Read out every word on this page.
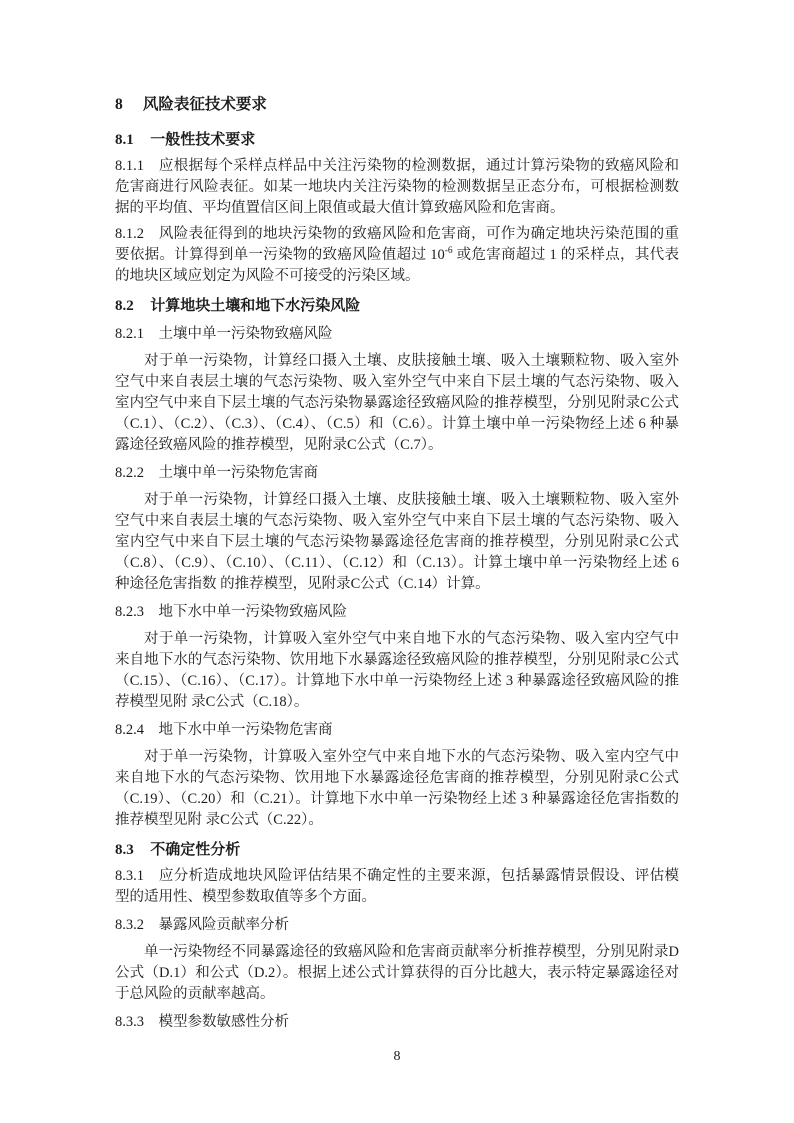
8 风险表征技术要求
8.1 一般性技术要求

8.1.1 应根据每个采样点样品中关注污染物的检测数据，通过计算污染物的致癌风险和危害商进行风险表征。如某一地块内关注污染物的检测数据呈正态分布，可根据检测数据的平均值、平均值置信区间上限值或最大值计算致癌风险和危害商。

8.1.2 风险表征得到的地块污染物的致癌风险和危害商，可作为确定地块污染范围的重要依据。计算得到单一污染物的致癌风险值超过 $10^{-6}$ 或危害商超过 1 的采样点，其代表的地块区域应划定为风险不可接受的污染区域。

8.2 计算地块土壤和地下水污染风险
8.2.1 土壤中单一污染物致癌风险

对于单一污染物，计算经口摄入土壤、皮肤接触土壤、吸入土壤颗粒物、吸入室外空气中来自表层土壤的气态污染物、吸入室外空气中来自下层土壤的气态污染物、吸入室内空气中来自下层土壤的气态污染物暴露途径致癌风险的推荐模型，分别见附录C公式（C.1）、（C.2）、（C.3）、（C.4）、（C.5）和（C.6）。计算土壤中单一污染物经上述 6 种暴露途径致癌风险的推荐模型，见附录C公式（C.7）。

8.2.2 土壤中单一污染物危害商

对于单一污染物，计算经口摄入土壤、皮肤接触土壤、吸入土壤颗粒物、吸入室外空气中来自表层土壤的气态污染物、吸入室外空气中来自下层土壤的气态污染物、吸入室内空气中来自下层土壤的气态污染物暴露途径危害商的推荐模型，分别见附录C公式（C.8）、（C.9）、（C.10）、（C.11）、（C.12）和（C.13）。计算土壤中单一污染物经上述 6 种途径危害指数 的推荐模型，见附录C公式（C.14）计算。

8.2.3 地下水中单一污染物致癌风险

对于单一污染物，计算吸入室外空气中来自地下水的气态污染物、吸入室内空气中来自地下水的气态污染物、饮用地下水暴露途径致癌风险的推荐模型，分别见附录C公式（C.15）、（C.16）、（C.17）。计算地下水中单一污染物经上述 3 种暴露途径致癌风险的推荐模型见附 录C公式（C.18）。

8.2.4 地下水中单一污染物危害商

对于单一污染物，计算吸入室外空气中来自地下水的气态污染物、吸入室内空气中来自地下水的气态污染物、饮用地下水暴露途径危害商的推荐模型，分别见附录C公式（C.19）、（C.20）和（C.21）。计算地下水中单一污染物经上述 3 种暴露途径危害指数的推荐模型见附 录C公式（C.22）。

8.3 不确定性分析

8.3.1 应分析造成地块风险评估结果不确定性的主要来源，包括暴露情景假设、评估模型的适用性、模型参数取值等多个方面。

8.3.2 暴露风险贡献率分析

单一污染物经不同暴露途径的致癌风险和危害商贡献率分析推荐模型，分别见附录D公式（D.1）和公式（D.2）。根据上述公式计算获得的百分比越大，表示特定暴露途径对于总风险的贡献率越高。

8.3.3 模型参数敏感性分析
8
